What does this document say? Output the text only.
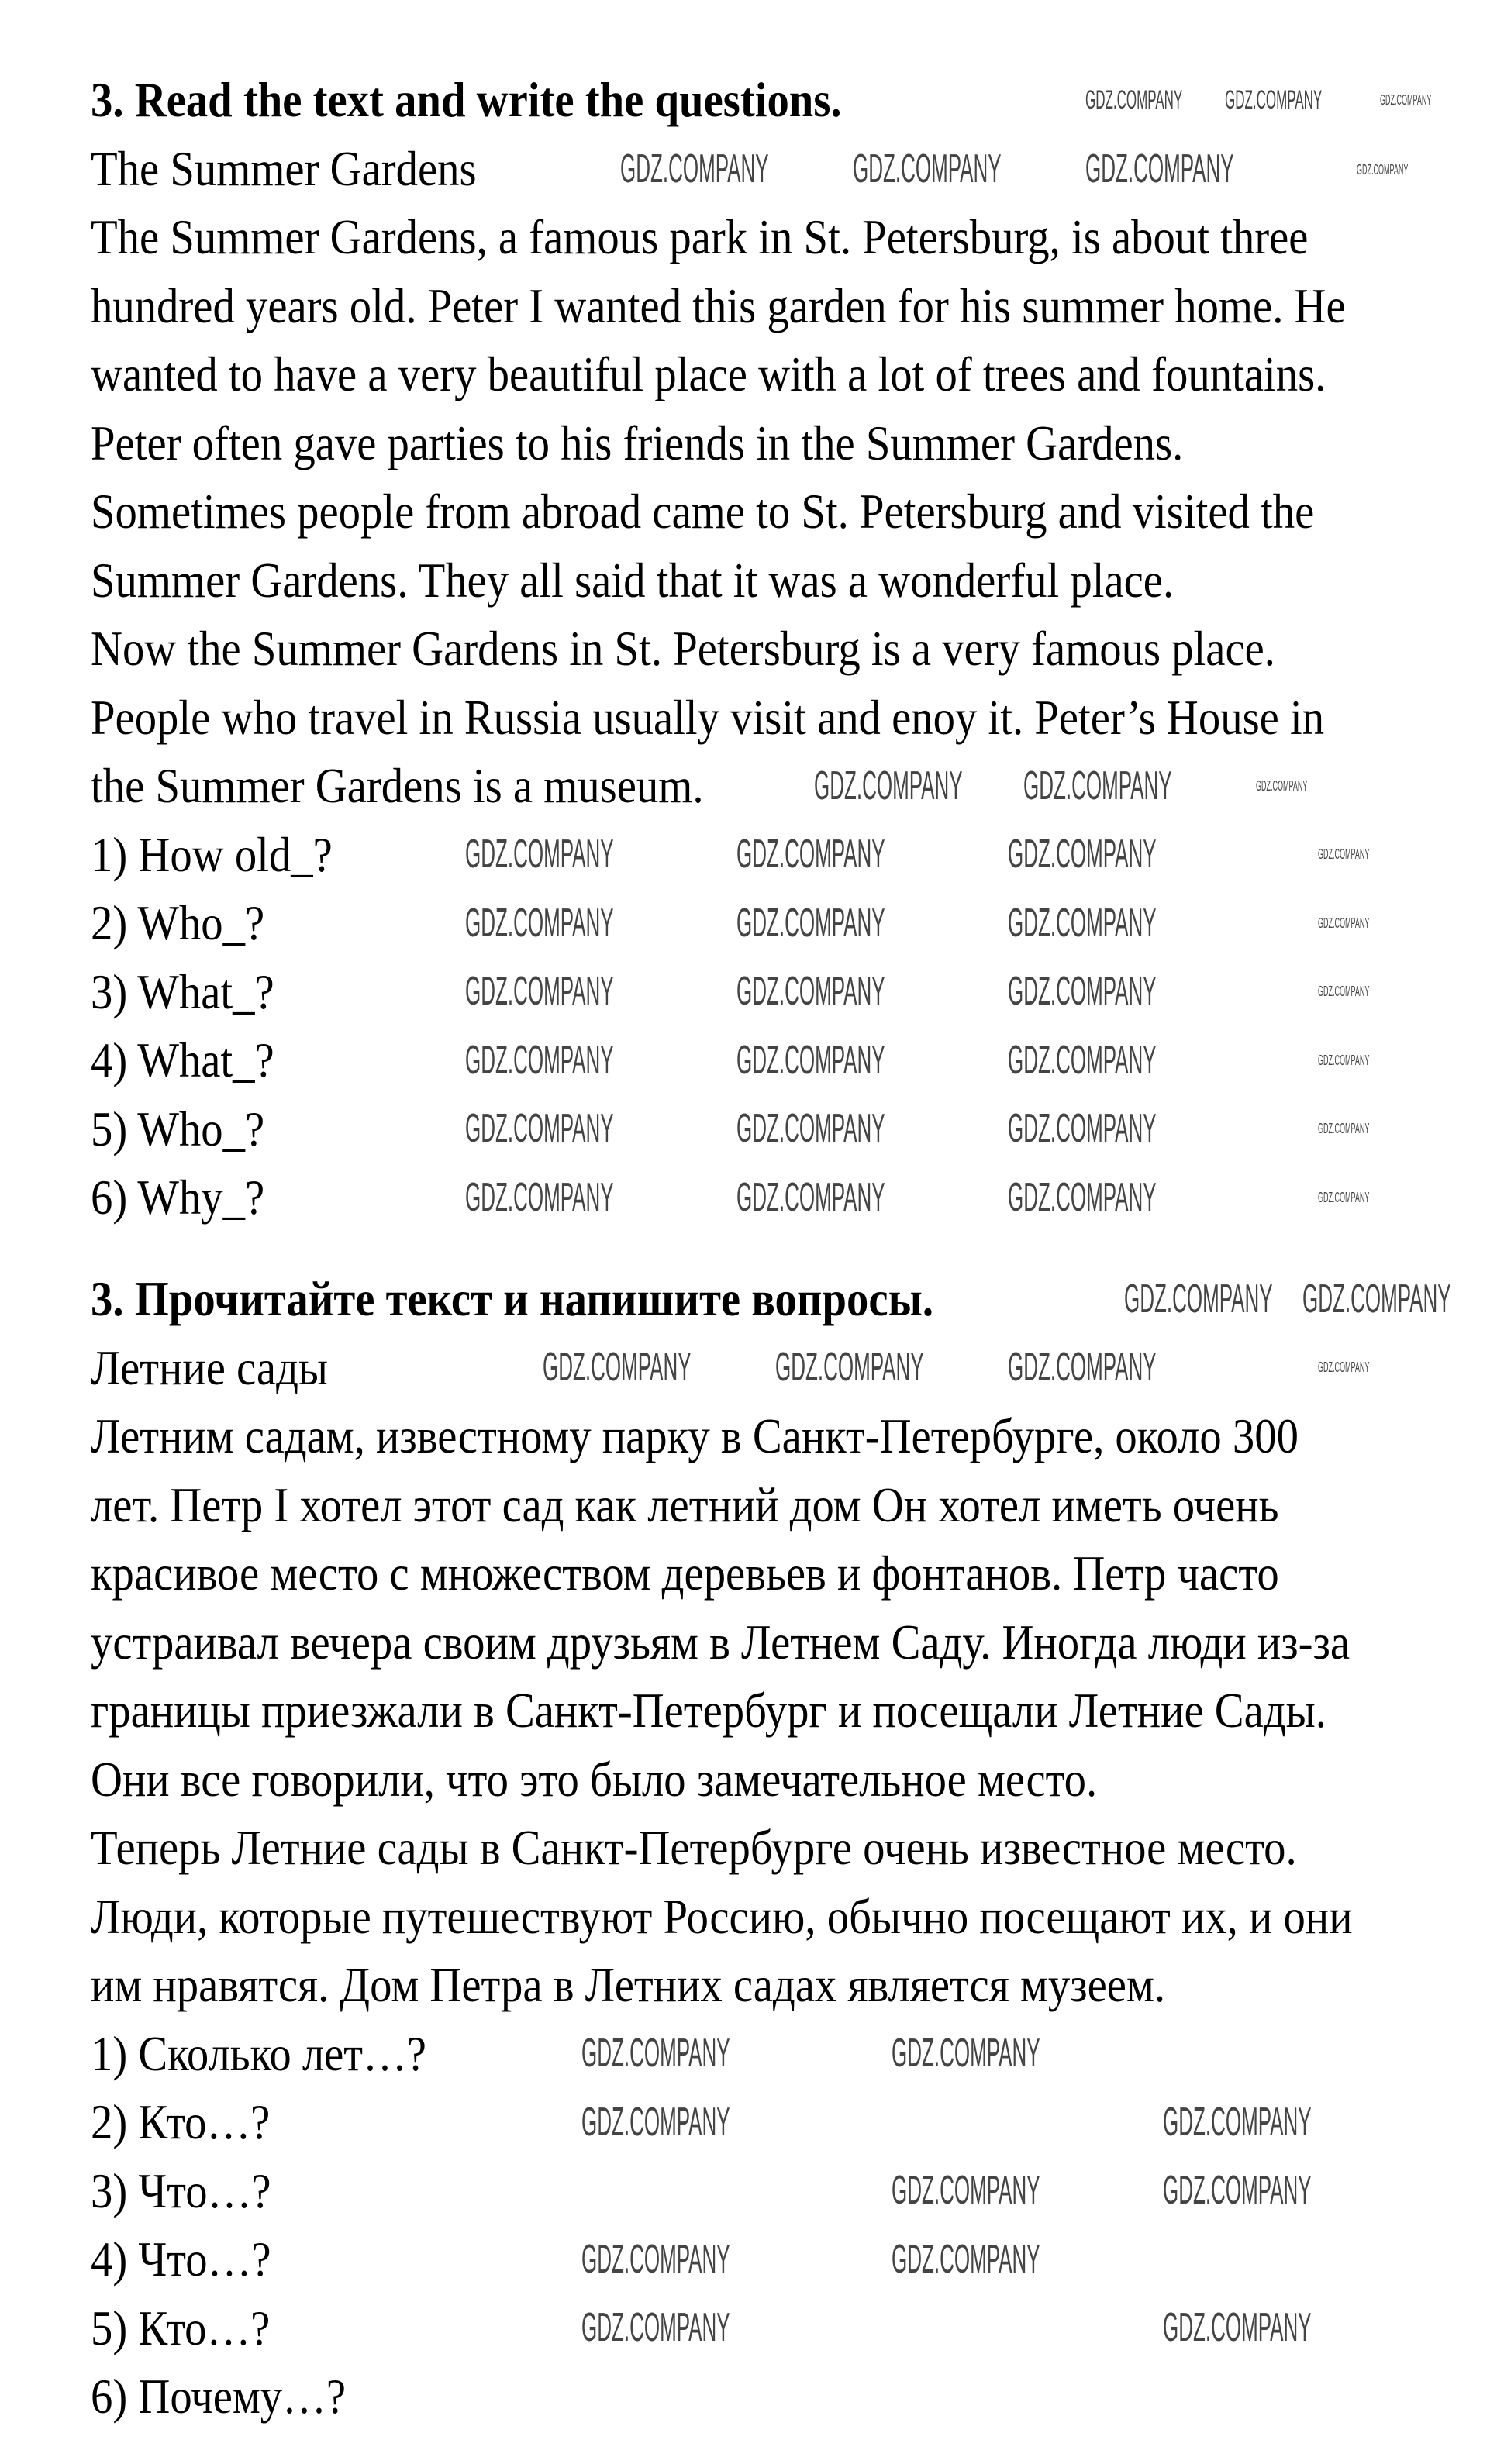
3. Read the text and write the questions.
The Summer Gardens
The Summer Gardens, a famous park in St. Petersburg, is about three
hundred years old. Peter I wanted this garden for his summer home. He
wanted to have a very beautiful place with a lot of trees and fountains.
Peter often gave parties to his friends in the Summer Gardens.
Sometimes people from abroad came to St. Petersburg and visited the
Summer Gardens. They all said that it was a wonderful place.
Now the Summer Gardens in St. Petersburg is a very famous place.
People who travel in Russia usually visit and enoy it. Peter’s House in
the Summer Gardens is a museum.
1) How old_?
2) Who_?
3) What_?
4) What_?
5) Who_?
6) Why_?
3. Прочитайте текст и напишите вопросы.
Летние сады
Летним садам, известному парку в Санкт-Петербурге, около 300
лет. Петр I хотел этот сад как летний дом Он хотел иметь очень
красивое место с множеством деревьев и фонтанов. Петр часто
устраивал вечера своим друзьям в Летнем Саду. Иногда люди из-за
границы приезжали в Санкт-Петербург и посещали Летние Сады.
Они все говорили, что это было замечательное место.
Теперь Летние сады в Санкт-Петербурге очень известное место.
Люди, которые путешествуют Россию, обычно посещают их, и они
им нравятся. Дом Петра в Летних садах является музеем.
1) Сколько лет…?
2) Кто…?
3) Что…?
4) Что…?
5) Кто…?
6) Почему…?
GDZ.COMPANY GDZ.COMPANY	GDZ.COMPANY
GDZ.COMPANY GDZ.COMPANY GDZ.COMPANY	GDZ.COMPANY
GDZ.COMPANY GDZ.COMPANY	GDZ.COMPANY
GDZ.COMPANY	GDZ.COMPANY	GDZ.COMPANY	GDZ.COMPANY
GDZ.COMPANY	GDZ.COMPANY	GDZ.COMPANY	GDZ.COMPANY
GDZ.COMPANY	GDZ.COMPANY	GDZ.COMPANY	GDZ.COMPANY
GDZ.COMPANY	GDZ.COMPANY	GDZ.COMPANY	GDZ.COMPANY
GDZ.COMPANY	GDZ.COMPANY	GDZ.COMPANY	GDZ.COMPANY
GDZ.COMPANY	GDZ.COMPANY	GDZ.COMPANY	GDZ.COMPANY
GDZ.COMPANY GDZ.COMPANY
GDZ.COMPANY GDZ.COMPANY GDZ.COMPANY	GDZ.COMPANY
GDZ.COMPANY	GDZ.COMPANY
GDZ.COMPANY	GDZ.COMPANY
GDZ.COMPANY	GDZ.COMPANY
GDZ.COMPANY	GDZ.COMPANY
GDZ.COMPANY	GDZ.COMPANY
